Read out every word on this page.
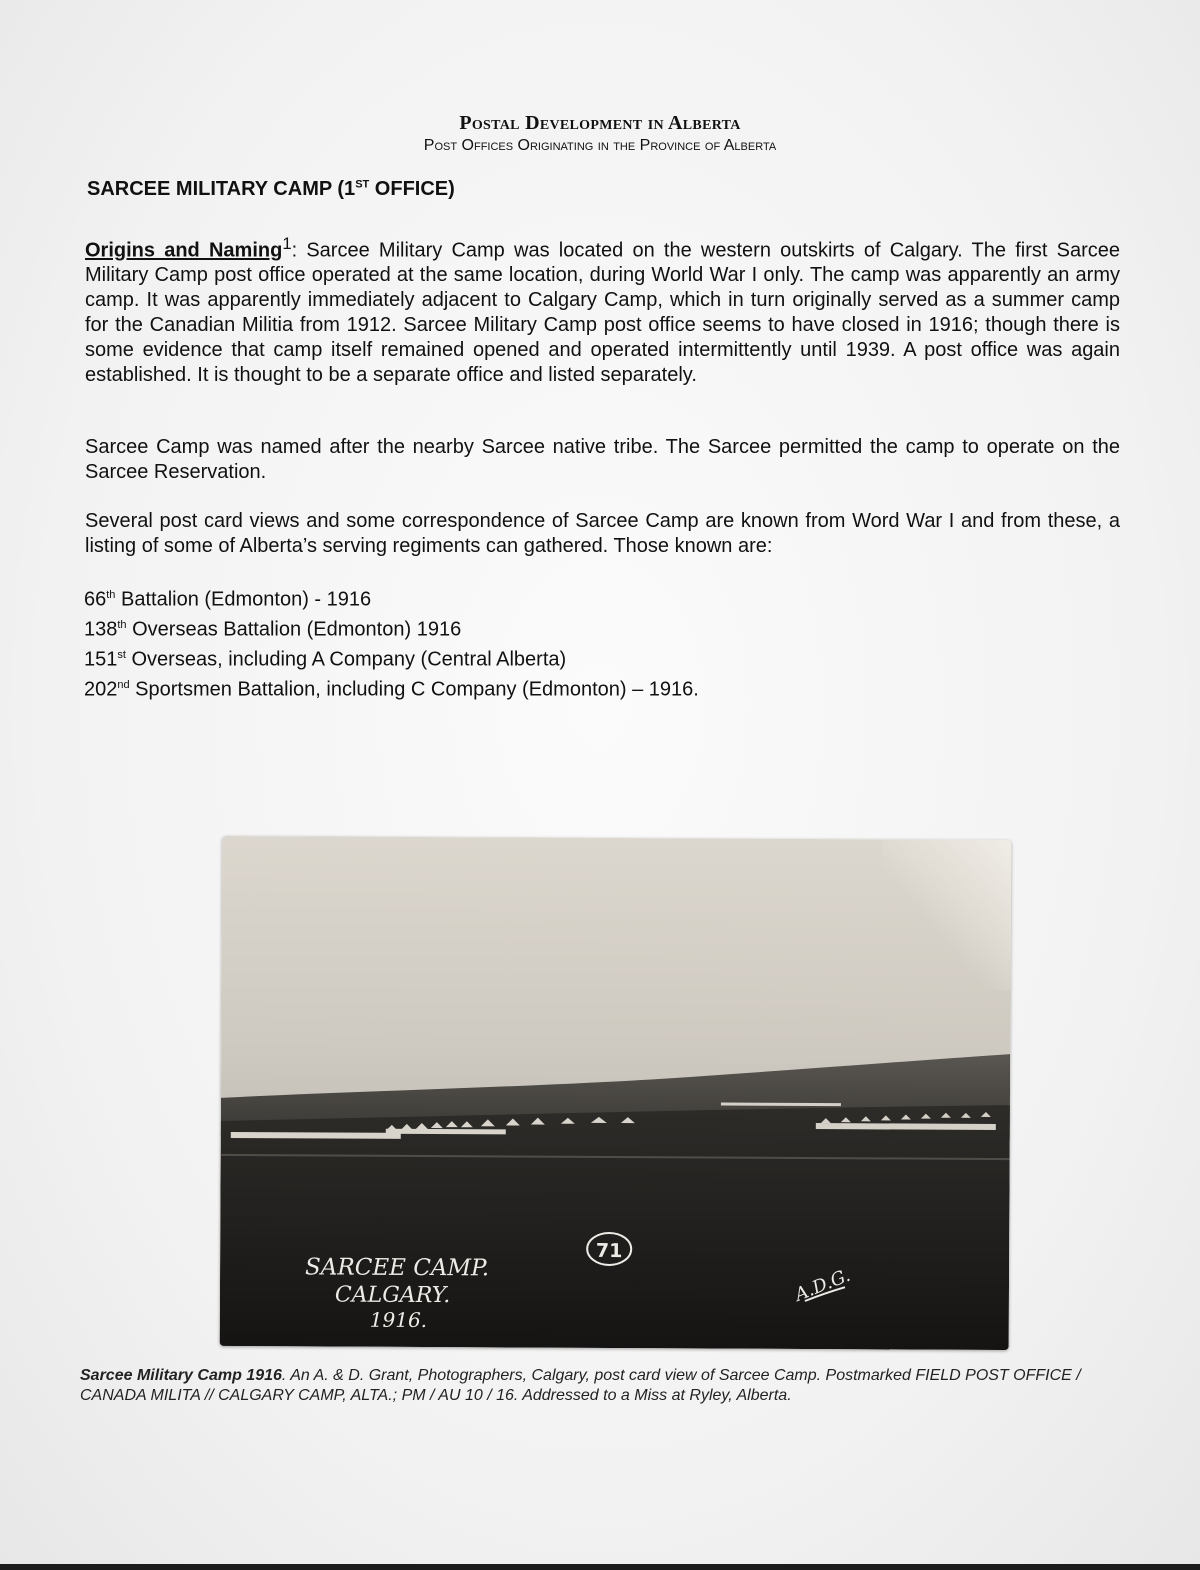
Postal Development in Alberta
Post Offices Originating in the Province of Alberta
SARCEE MILITARY CAMP (1ST OFFICE)
Origins and Naming$^1$: Sarcee Military Camp was located on the western outskirts of Calgary. The first Sarcee Military Camp post office operated at the same location, during World War I only. The camp was apparently an army camp. It was apparently immediately adjacent to Calgary Camp, which in turn originally served as a summer camp for the Canadian Militia from 1912. Sarcee Military Camp post office seems to have closed in 1916; though there is some evidence that camp itself remained opened and operated intermittently until 1939. A post office was again established. It is thought to be a separate office and listed separately.
Sarcee Camp was named after the nearby Sarcee native tribe. The Sarcee permitted the camp to operate on the Sarcee Reservation.
Several post card views and some correspondence of Sarcee Camp are known from Word War I and from these, a listing of some of Alberta’s serving regiments can gathered. Those known are:
66th Battalion (Edmonton) - 1916
138th Overseas Battalion (Edmonton) 1916
151st Overseas, including A Company (Central Alberta)
202nd Sportsmen Battalion, including C Company (Edmonton) – 1916.
SARCEE CAMP.
CALGARY.
1916.
71
A.D.G.
Sarcee Military Camp 1916. An A. & D. Grant, Photographers, Calgary, post card view of Sarcee Camp. Postmarked FIELD POST OFFICE / CANADA MILITA // CALGARY CAMP, ALTA.; PM / AU 10 / 16. Addressed to a Miss at Ryley, Alberta.
